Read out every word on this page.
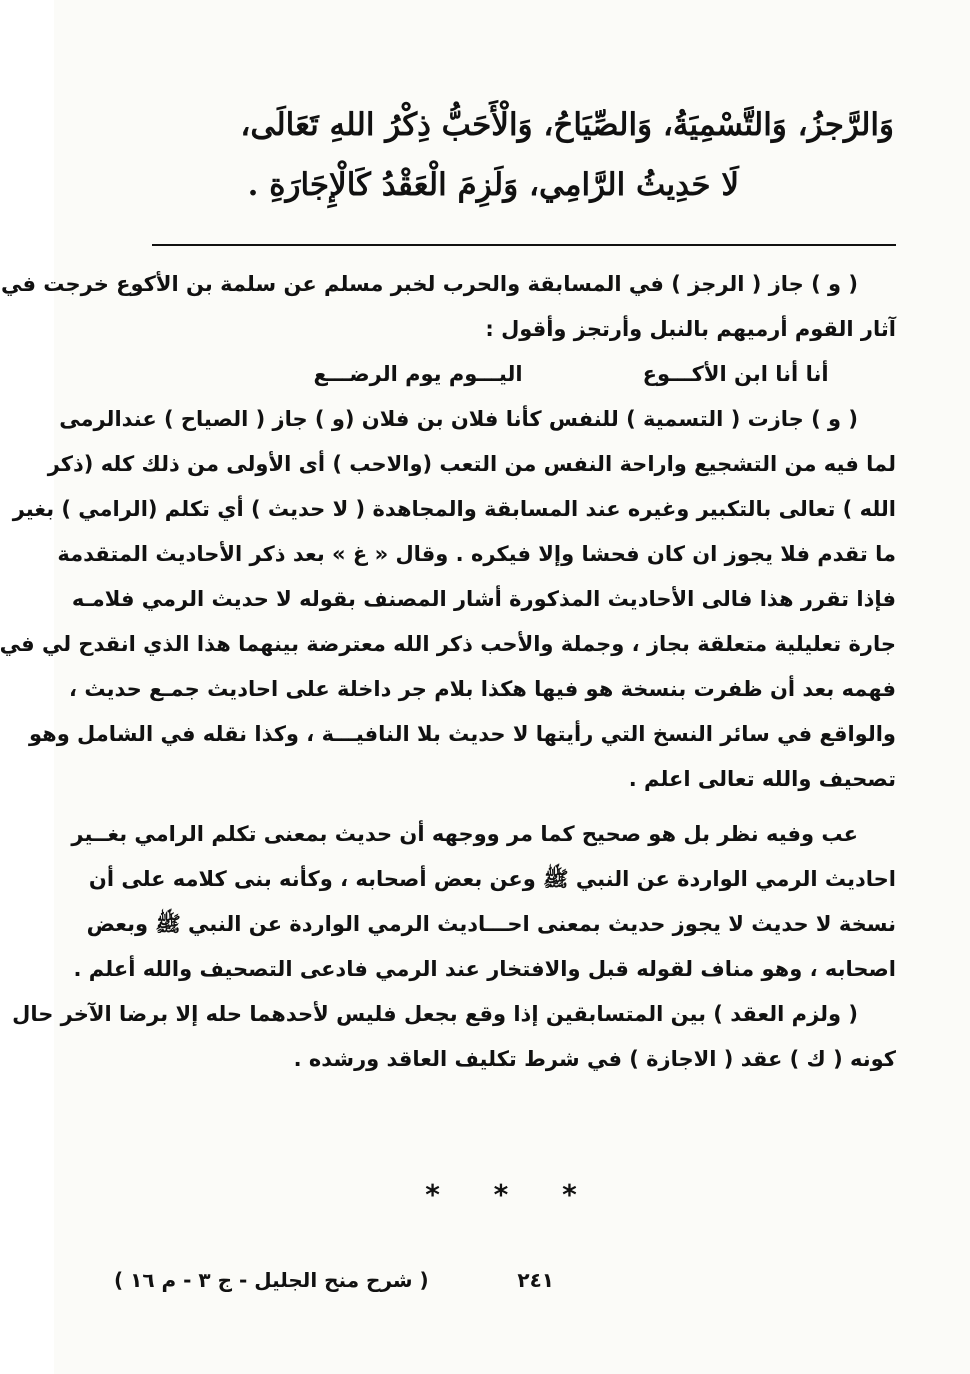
وَالرَّجزُ، وَالتَّسْمِيَةُ، وَالصِّيَاحُ، وَالْأَحَبُّ ذِكْرُ اللهِ تَعَالَى،
لَا حَدِيثُ الرَّامِي، وَلَزِمَ الْعَقْدُ كَالْإِجَارَةِ .
( و ) جاز ( الرجز ) في المسابقة والحرب لخبر مسلم عن سلمة بن الأكوع خرجت في
آثار القوم أرميهم بالنبل وأرتجز وأقول :
أنا أنا ابن الأكـــوع
اليـــوم يوم الرضـــع
( و ) جازت ( التسمية ) للنفس كأنا فلان بن فلان (و ) جاز ( الصياح ) عندالرمى
لما فيه من التشجيع واراحة النفس من التعب (والاحب ) أى الأولى من ذلك كله (ذكر
الله ) تعالى بالتكبير وغيره عند المسابقة والمجاهدة ( لا حديث ) أي تكلم (الرامي ) بغير
ما تقدم فلا يجوز ان كان فحشا وإلا فيكره . وقال « غ » بعد ذكر الأحاديث المتقدمة
فإذا تقرر هذا فالى الأحاديث المذكورة أشار المصنف بقوله لا حديث الرمي فلامـه
جارة تعليلية متعلقة بجاز ، وجملة والأحب ذكر الله معترضة بينهما هذا الذي انقدح لي في
فهمه بعد أن ظفرت بنسخة هو فيها هكذا بلام جر داخلة على احاديث جمـع حديث ،
والواقع في سائر النسخ التي رأيتها لا حديث بلا النافيـــة ، وكذا نقله في الشامل وهو
تصحيف والله تعالى اعلم .
عب وفيه نظر بل هو صحيح كما مر ووجهه أن حديث بمعنى تكلم الرامي بغــير
احاديث الرمي الواردة عن النبي ﷺ وعن بعض أصحابه ، وكأنه بنى كلامه على أن
نسخة لا حديث لا يجوز حديث بمعنى احـــاديث الرمي الواردة عن النبي ﷺ وبعض
اصحابه ، وهو مناف لقوله قبل والافتخار عند الرمي فادعى التصحيف والله أعلم .
( ولزم العقد ) بين المتسابقين إذا وقع بجعل فليس لأحدهما حله إلا برضا الآخر حال
كونه ( ك ) عقد ( الاجازة ) في شرط تكليف العاقد ورشده .
* * *
٢٤١
( شرح منح الجليل - ج ٣ - م ١٦ )
